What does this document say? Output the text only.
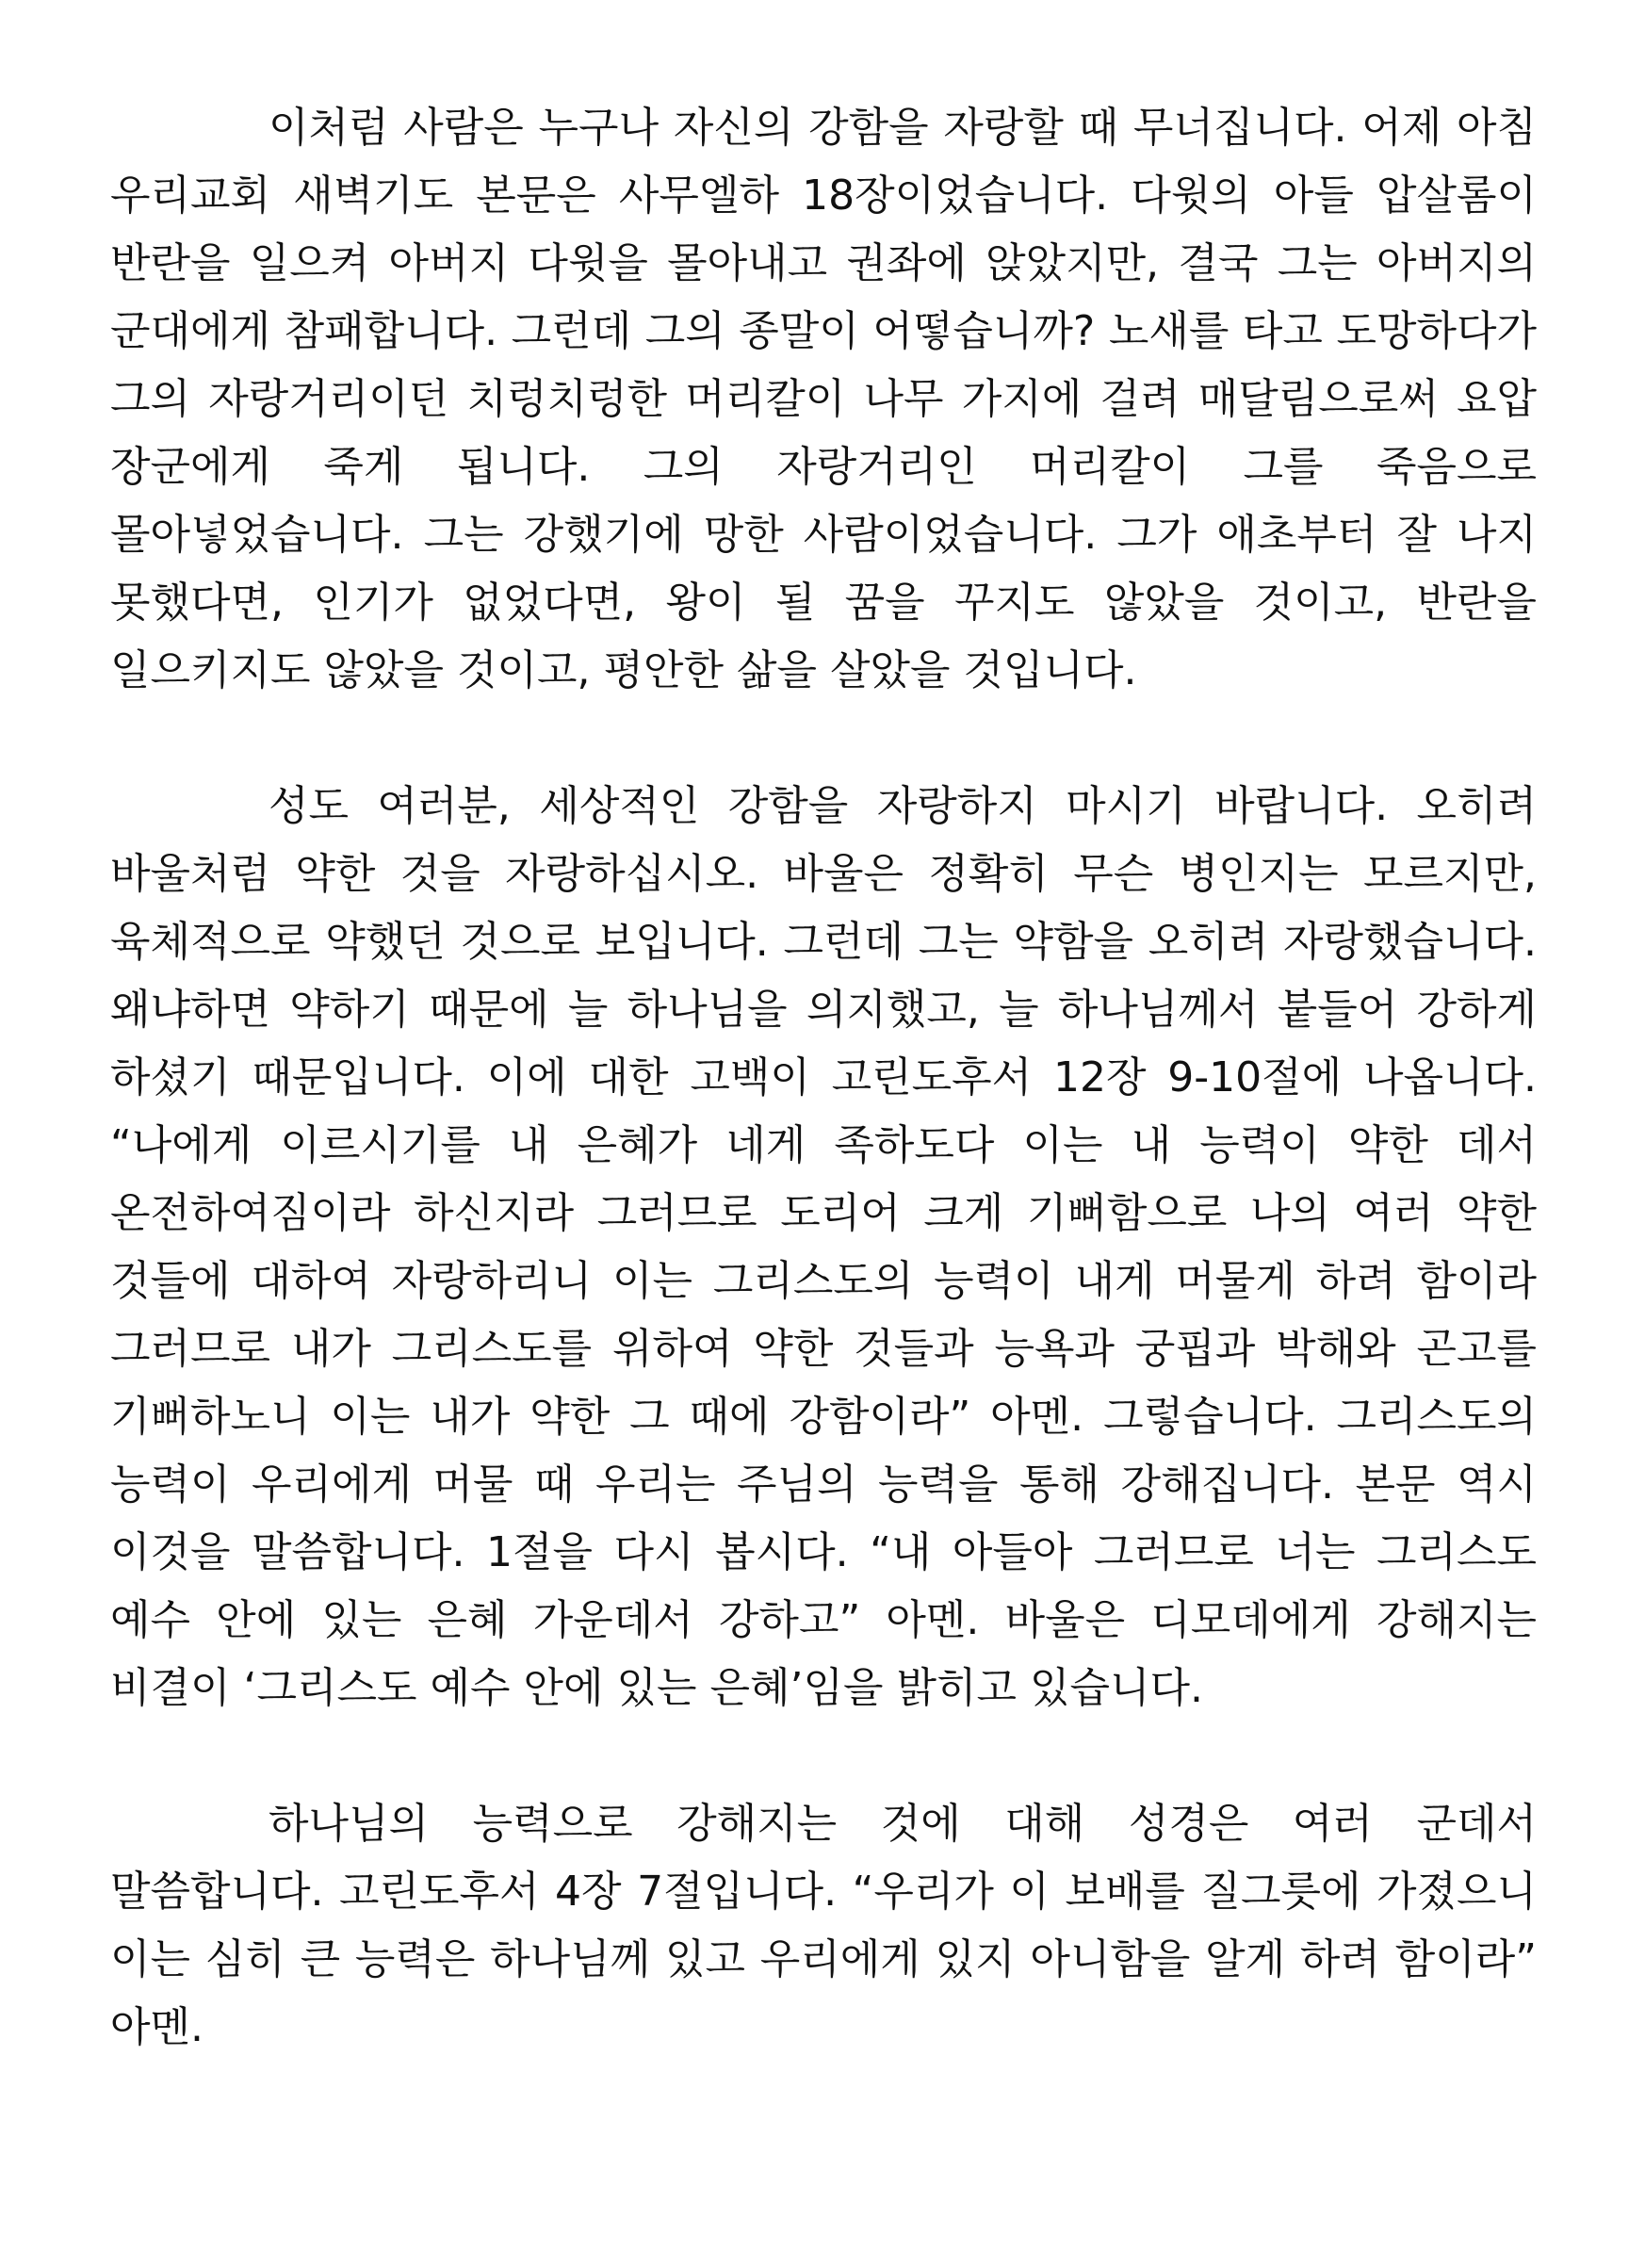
이처럼 사람은 누구나 자신의 강함을 자랑할 때 무너집니다. 어제 아침 우리교회 새벽기도 본문은 사무엘하 18장이었습니다. 다윗의 아들 압살롬이 반란을 일으켜 아버지 다윗을 몰아내고 권좌에 앉았지만, 결국 그는 아버지의 군대에게 참패합니다. 그런데 그의 종말이 어떻습니까? 노새를 타고 도망하다가 그의 자랑거리이던 치렁치렁한 머리칼이 나무 가지에 걸려 매달림으로써 요압 장군에게 죽게 됩니다. 그의 자랑거리인 머리칼이 그를 죽음으로 몰아넣었습니다. 그는 강했기에 망한 사람이었습니다. 그가 애초부터 잘 나지 못했다면, 인기가 없었다면, 왕이 될 꿈을 꾸지도 않았을 것이고, 반란을 일으키지도 않았을 것이고, 평안한 삶을 살았을 것입니다.

성도 여러분, 세상적인 강함을 자랑하지 마시기 바랍니다. 오히려 바울처럼 약한 것을 자랑하십시오. 바울은 정확히 무슨 병인지는 모르지만, 육체적으로 약했던 것으로 보입니다. 그런데 그는 약함을 오히려 자랑했습니다. 왜냐하면 약하기 때문에 늘 하나님을 의지했고, 늘 하나님께서 붙들어 강하게 하셨기 때문입니다. 이에 대한 고백이 고린도후서 12장 9-10절에 나옵니다. “나에게 이르시기를 내 은혜가 네게 족하도다 이는 내 능력이 약한 데서 온전하여짐이라 하신지라 그러므로 도리어 크게 기뻐함으로 나의 여러 약한 것들에 대하여 자랑하리니 이는 그리스도의 능력이 내게 머물게 하려 함이라 그러므로 내가 그리스도를 위하여 약한 것들과 능욕과 궁핍과 박해와 곤고를 기뻐하노니 이는 내가 약한 그 때에 강함이라” 아멘. 그렇습니다. 그리스도의 능력이 우리에게 머물 때 우리는 주님의 능력을 통해 강해집니다. 본문 역시 이것을 말씀합니다. 1절을 다시 봅시다. “내 아들아 그러므로 너는 그리스도 예수 안에 있는 은혜 가운데서 강하고” 아멘. 바울은 디모데에게 강해지는 비결이 ‘그리스도 예수 안에 있는 은혜’임을 밝히고 있습니다.

하나님의 능력으로 강해지는 것에 대해 성경은 여러 군데서 말씀합니다. 고린도후서 4장 7절입니다. “우리가 이 보배를 질그릇에 가졌으니 이는 심히 큰 능력은 하나님께 있고 우리에게 있지 아니함을 알게 하려 함이라” 아멘.
